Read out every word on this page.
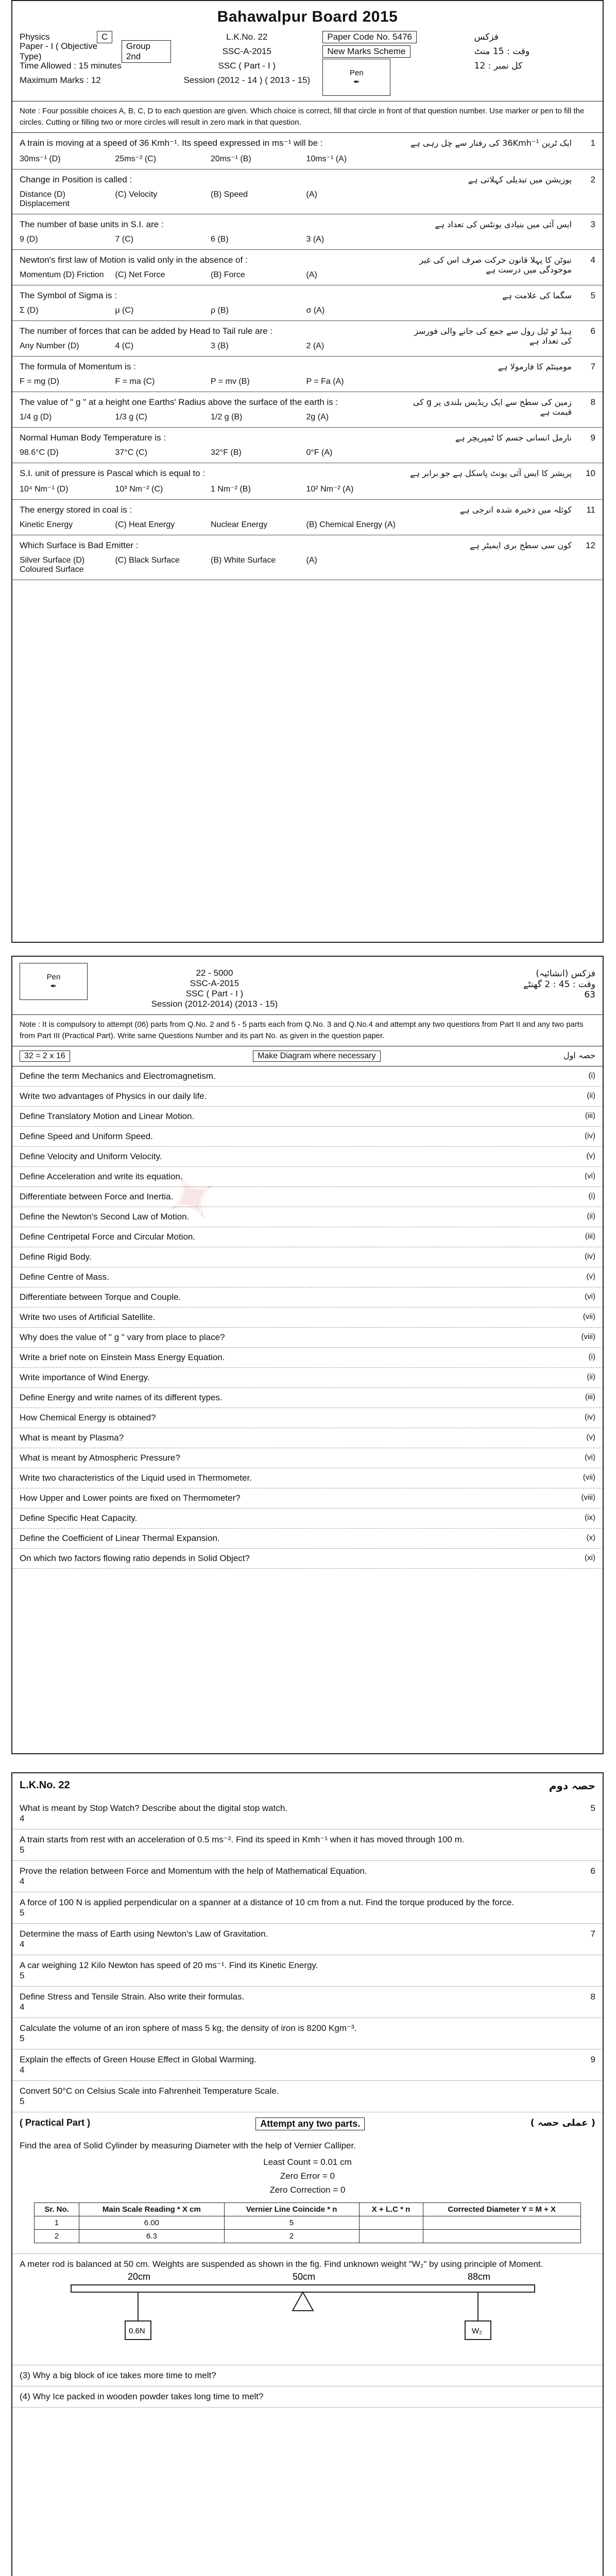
Bahawalpur Board 2015
Physics	C
Paper - I ( Objective Type)

Group 2nd
Time Allowed : 15 minutes
Maximum Marks : 12
L.K.No. 22
SSC-A-2015
SSC ( Part - I )
Session (2012 - 14 ) ( 2013 - 15)
Paper Code No. 5476
New Marks Scheme
Pen
✒
فزکس
وقت : 15 منٹ
کل نمبر : 12
Note : Four possible choices A, B, C, D to each question are given. Which choice is correct, fill that circle in front of that question number. Use marker or pen to fill the circles. Cutting or filling two or more circles will result in zero mark in that question.
A train is moving at a speed of 36 Kmh⁻¹. Its speed expressed in ms⁻¹ will be :
30ms⁻¹ (D)	25ms⁻² (C)	20ms⁻¹ (B)	10ms⁻¹ (A)
ایک ٹرین 36Kmh⁻¹ کی رفتار سے چل رہی ہے	1
Change in Position is called :
Distance (D) Displacement
(C) Velocity	(B) Speed	(A)
پوزیشن میں تبدیلی کہلاتی ہے	2
The number of base units in S.I. are :
9 (D)	7 (C)	6 (B)	3 (A)
ایس آئی میں بنیادی یونٹس کی تعداد ہے	3
Newton's first law of Motion is valid only in the absence of :
Momentum (D) Friction	(C) Net Force	(B) Force	(A)
نیوٹن کا پہلا قانون حرکت صرف اس کی غیر موجودگی میں درست ہے
4
The Symbol of Sigma is :
Σ (D)	μ (C)	ρ (B)	σ (A)
سگما کی علامت ہے	5
The number of forces that can be added by Head to Tail rule are :
Any Number (D)	4 (C)	3 (B)	2 (A)
ہیڈ ٹو ٹیل رول سے جمع کی جانے والی فورسز کی تعداد ہے
6
The formula of Momentum is :
F = mg (D)	F = ma (C)	P = mv (B)	P = Fa (A)
مومینٹم کا فارمولا ہے	7
The value of " g " at a height one Earths' Radius above the surface of the earth is :
1/4 g (D)	1/3 g (C)	1/2 g (B)	2g (A)
زمین کی سطح سے ایک ریڈیس بلندی پر g کی قیمت ہے
8
Normal Human Body Temperature is :
98.6°C (D)	37°C (C)	32°F (B)	0°F (A)
نارمل انسانی جسم کا ٹمپریچر ہے	9
S.I. unit of pressure is Pascal which is equal to :
10⁴ Nm⁻¹ (D)	10³ Nm⁻² (C)	1 Nm⁻² (B)	10² Nm⁻² (A)
پریشر کا ایس آئی یونٹ پاسکل ہے جو برابر ہے	10
The energy stored in coal is :
Kinetic Energy	(C) Heat Energy	Nuclear Energy	(B) Chemical Energy (A)
کوئلہ میں ذخیرہ شدہ انرجی ہے	11
Which Surface is Bad Emitter :
Silver Surface (D) Coloured Surface
(C) Black Surface	(B) White Surface	(A)
کون سی سطح بری ایمیٹر ہے	12
✦
Pen
✒
22 - 5000
SSC-A-2015
SSC ( Part - I )
Session (2012-2014) (2013 - 15)
فزکس (انشائیہ)
وقت : 45 : 2 گھنٹے
63
Note : It is compulsory to attempt (06) parts from Q.No. 2 and 5 - 5 parts each from Q.No. 3 and Q.No.4 and attempt any two questions from Part II and any two parts from Part III (Practical Part). Write same Questions Number and its part No. as given in the question paper.
32 = 2 x 16	Make Diagram where necessary	حصہ اول
Define the term Mechanics and Electromagnetism.	(i)
Write two advantages of Physics in our daily life.	(ii)
Define Translatory Motion and Linear Motion.	(iii)
Define Speed and Uniform Speed.	(iv)
Define Velocity and Uniform Velocity.	(v)
Define Acceleration and write its equation.	(vi)
Differentiate between Force and Inertia.	(i)
Define the Newton's Second Law of Motion.	(ii)
Define Centripetal Force and Circular Motion.	(iii)
Define Rigid Body.	(iv)
Define Centre of Mass.	(v)
Differentiate between Torque and Couple.	(vi)
Write two uses of Artificial Satellite.	(vii)
Why does the value of " g " vary from place to place?	(viii)
Write a brief note on Einstein Mass Energy Equation.	(i)
Write importance of Wind Energy.	(ii)
Define Energy and write names of its different types.	(iii)
How Chemical Energy is obtained?	(iv)
What is meant by Plasma?	(v)
What is meant by Atmospheric Pressure?	(vi)
Write two characteristics of the Liquid used in Thermometer.	(vii)
How Upper and Lower points are fixed on Thermometer?	(viii)
Define Specific Heat Capacity.	(ix)
Define the Coefficient of Linear Thermal Expansion.	(x)
On which two factors flowing ratio depends in Solid Object?	(xi)
L.K.No. 22	حصہ دوم
What is meant by Stop Watch? Describe about the digital stop watch.	5
4
A train starts from rest with an acceleration of 0.5 ms⁻². Find its speed in Kmh⁻¹ when it has moved through 100 m.
5
Prove the relation between Force and Momentum with the help of Mathematical Equation.	6
4
A force of 100 N is applied perpendicular on a spanner at a distance of 10 cm from a nut. Find the torque produced by the force.
5
Determine the mass of Earth using Newton's Law of Gravitation.	7
4
A car weighing 12 Kilo Newton has speed of 20 ms⁻¹. Find its Kinetic Energy.
5
Define Stress and Tensile Strain. Also write their formulas.	8
4
Calculate the volume of an iron sphere of mass 5 kg, the density of iron is 8200 Kgm⁻³.
5
Explain the effects of Green House Effect in Global Warming.	9
4
Convert 50°C on Celsius Scale into Fahrenheit Temperature Scale.
5
( Practical Part )	Attempt any two parts.	( عملی حصہ )
Find the area of Solid Cylinder by measuring Diameter with the help of Vernier Calliper.
Least Count = 0.01 cm
Zero Error = 0
Zero Correction = 0
Sr. No.	Main Scale Reading * X cm	Vernier Line Coincide * n	X + L.C * n	Corrected Diameter Y = M + X
1	6.00	5		
2	6.3	2		
A meter rod is balanced at 50 cm. Weights are suspended as shown in the fig. Find unknown weight "W₂" by using principle of Moment.
20cm	50cm	88cm
0.6N	W₂
(3) Why a big block of ice takes more time to melt?
(4) Why Ice packed in wooden powder takes long time to melt?
